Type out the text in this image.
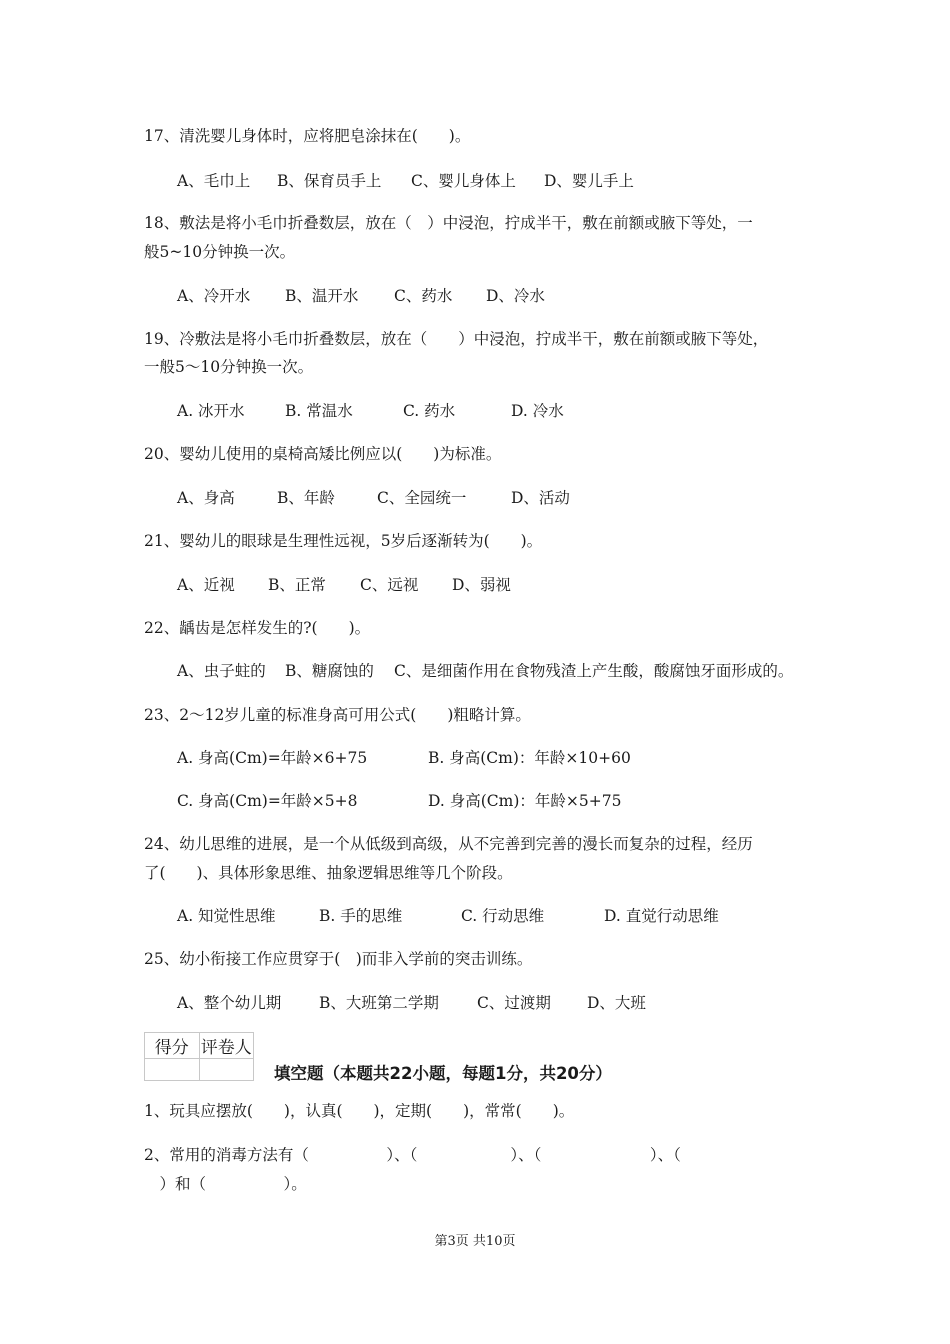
17、清洗婴儿身体时，应将肥皂涂抹在(　　)。
A、毛巾上 B、保育员手上 C、婴儿身体上 D、婴儿手上
18、敷法是将小毛巾折叠数层，放在（　）中浸泡，拧成半干，敷在前额或腋下等处，一
般5~10分钟换一次。
A、冷开水 B、温开水 C、药水 D、冷水
19、冷敷法是将小毛巾折叠数层，放在（　　）中浸泡，拧成半干，敷在前额或腋下等处，
一般5～10分钟换一次。
A. 冰开水	B. 常温水	C. 药水	D. 冷水
20、婴幼儿使用的桌椅高矮比例应以(　　)为标准。
A、身高	B、年龄	C、全园统一	D、活动
21、婴幼儿的眼球是生理性远视，5岁后逐渐转为(　　)。
A、近视 B、正常 C、远视 D、弱视
22、龋齿是怎样发生的?(　　)。
A、虫子蛀的 B、糖腐蚀的 C、是细菌作用在食物残渣上产生酸，酸腐蚀牙面形成的。
23、2～12岁儿童的标准身高可用公式(　　)粗略计算。
A. 身高(Cm)=年龄×6+75	B. 身高(Cm)：年龄×10+60
C. 身高(Cm)=年龄×5+8	D. 身高(Cm)：年龄×5+75
24、幼儿思维的进展，是一个从低级到高级，从不完善到完善的漫长而复杂的过程，经历
了(　　)、具体形象思维、抽象逻辑思维等几个阶段。
A. 知觉性思维	B. 手的思维	C. 行动思维	D. 直觉行动思维
25、幼小衔接工作应贯穿于(　)而非入学前的突击训练。
A、整个幼儿期 B、大班第二学期 C、过渡期 D、大班
得分	评卷人

填空题（本题共22小题，每题1分，共20分）
1、玩具应摆放(　　)，认真(　　)，定期(　　)，常常(　　)。
2、常用的消毒方法有（　　　　　）、（　　　　　　）、（　　　　　　　）、（
　）和（　　　　　）。
第3页 共10页
